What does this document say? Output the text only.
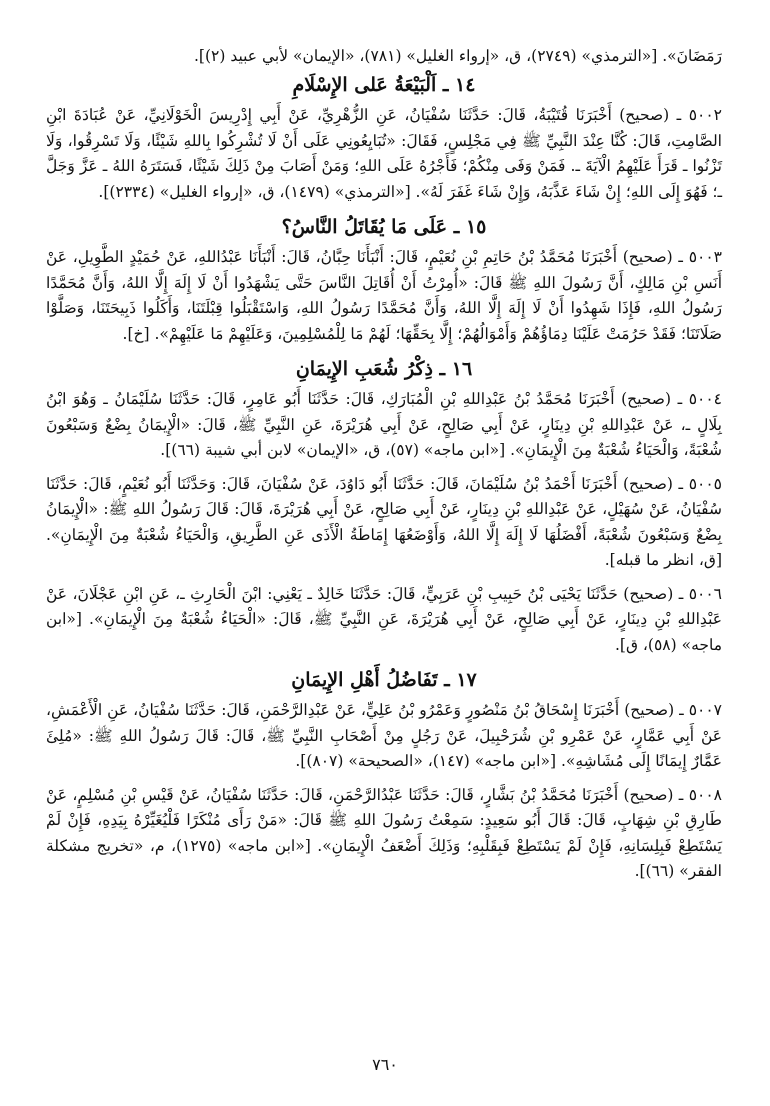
رَمَضَانَ». [«الترمذي» (٢٧٤٩)، ق، «إرواء الغليل» (٧٨١)، «الإيمان» لأبي عبيد (٢)].

١٤ ـ اَلْبَيْعَةُ عَلى الإِسْلَامِ

٥٠٠٢ ـ (صحيح) أَخْبَرَنَا قُتَيْبَةُ، قَالَ: حَدَّثَنَا سُفْيَانُ، عَنِ الزُّهْرِيِّ، عَنْ أَبِي إِدْرِيسَ الْخَوْلَانِيِّ، عَنْ عُبَادَةَ ابْنِ الصَّامِتِ، قَالَ: كُنَّا عِنْدَ النَّبِيِّ ﷺ فِي مَجْلِسٍ، فَقَالَ: «تُبَايِعُونِي عَلَى أَنْ لَا تُشْرِكُوا بِاللهِ شَيْئًا، وَلَا تَسْرِقُوا، وَلَا تَزْنُوا ـ قَرَأَ عَلَيْهِمُ الْآيَةَ ـ. فَمَنْ وَفَى مِنْكُمْ؛ فَأَجْرُهُ عَلَى اللهِ؛ وَمَنْ أَصَابَ مِنْ ذَلِكَ شَيْئًا، فَسَتَرَهُ اللهُ ـ عَزَّ وَجَلَّ ـ؛ فَهُوَ إِلَى اللهِ؛ إِنْ شَاءَ عَذَّبَهُ، وَإِنْ شَاءَ غَفَرَ لَهُ». [«الترمذي» (١٤٧٩)، ق، «إرواء الغليل» (٢٣٣٤)].

١٥ ـ عَلَى مَا يُقَاتَلُ النَّاسُ؟

٥٠٠٣ ـ (صحيح) أَخْبَرَنَا مُحَمَّدُ بْنُ حَاتِمِ بْنِ نُعَيْمٍ، قَالَ: أَنْبَأَنَا حِبَّانُ، قَالَ: أَنْبَأَنَا عَبْدُاللهِ، عَنْ حُمَيْدٍ الطَّوِيلِ، عَنْ أَنَسِ بْنِ مَالِكٍ، أَنَّ رَسُولَ اللهِ ﷺ قَالَ: «أُمِرْتُ أَنْ أُقَاتِلَ النَّاسَ حَتَّى يَشْهَدُوا أَنْ لَا إِلَهَ إِلَّا اللهُ، وَأَنَّ مُحَمَّدًا رَسُولُ اللهِ، فَإِذَا شَهِدُوا أَنْ لَا إِلَهَ إِلَّا اللهُ، وَأَنَّ مُحَمَّدًا رَسُولُ اللهِ، وَاسْتَقْبَلُوا قِبْلَتَنَا، وَأَكَلُوا ذَبِيحَتَنَا، وَصَلَّوْا صَلَاتَنَا؛ فَقَدْ حَرُمَتْ عَلَيْنَا دِمَاؤُهُمْ وَأَمْوَالُهُمْ؛ إِلَّا بِحَقِّهَا؛ لَهُمْ مَا لِلْمُسْلِمِينَ، وَعَلَيْهِمْ مَا عَلَيْهِمْ». [خ].

١٦ ـ ذِكْرُ شُعَبِ الإِيمَانِ

٥٠٠٤ ـ (صحيح) أَخْبَرَنَا مُحَمَّدُ بْنُ عَبْدِاللهِ بْنِ الْمُبَارَكِ، قَالَ: حَدَّثَنَا أَبُو عَامِرٍ، قَالَ: حَدَّثَنَا سُلَيْمَانُ ـ وَهُوَ ابْنُ بِلَالٍ ـ، عَنْ عَبْدِاللهِ بْنِ دِينَارٍ، عَنْ أَبِي صَالِحٍ، عَنْ أَبِي هُرَيْرَةَ، عَنِ النَّبِيِّ ﷺ، قَالَ: «الْإِيمَانُ بِضْعٌ وَسَبْعُونَ شُعْبَةً، وَالْحَيَاءُ شُعْبَةٌ مِنَ الْإِيمَانِ». [«ابن ماجه» (٥٧)، ق، «الإيمان» لابن أبي شيبة (٦٦)].

٥٠٠٥ ـ (صحيح) أَخْبَرَنَا أَحْمَدُ بْنُ سُلَيْمَانَ، قَالَ: حَدَّثَنَا أَبُو دَاوُدَ، عَنْ سُفْيَانَ، قَالَ: وَحَدَّثَنَا أَبُو نُعَيْمٍ، قَالَ: حَدَّثَنَا سُفْيَانُ، عَنْ سُهَيْلٍ، عَنْ عَبْدِاللهِ بْنِ دِينَارٍ، عَنْ أَبِي صَالِحٍ، عَنْ أَبِي هُرَيْرَةَ، قَالَ: قَالَ رَسُولُ اللهِ ﷺ: «الْإِيمَانُ بِضْعٌ وَسَبْعُونَ شُعْبَةً، أَفْضَلُهَا لَا إِلَهَ إِلَّا اللهُ، وَأَوْضَعُهَا إِمَاطَةُ الْأَذَى عَنِ الطَّرِيقِ، وَالْحَيَاءُ شُعْبَةٌ مِنَ الْإِيمَانِ». [ق، انظر ما قبله].

٥٠٠٦ ـ (صحيح) حَدَّثَنَا يَحْيَى بْنُ حَبِيبِ بْنِ عَرَبِيٍّ، قَالَ: حَدَّثَنَا خَالِدٌ ـ يَعْنِي: ابْنَ الْحَارِثِ ـ، عَنِ ابْنِ عَجْلَانَ، عَنْ عَبْدِاللهِ بْنِ دِينَارٍ، عَنْ أَبِي صَالِحٍ، عَنْ أَبِي هُرَيْرَةَ، عَنِ النَّبِيِّ ﷺ، قَالَ: «الْحَيَاءُ شُعْبَةٌ مِنَ الْإِيمَانِ». [«ابن ماجه» (٥٨)، ق].

١٧ ـ تَفَاضُلُ أَهْلِ الإِيمَانِ

٥٠٠٧ ـ (صحيح) أَخْبَرَنَا إِسْحَاقُ بْنُ مَنْصُورٍ وَعَمْرُو بْنُ عَلِيٍّ، عَنْ عَبْدِالرَّحْمَنِ، قَالَ: حَدَّثَنَا سُفْيَانُ، عَنِ الْأَعْمَشِ، عَنْ أَبِي عَمَّارٍ، عَنْ عَمْرِو بْنِ شُرَحْبِيلَ، عَنْ رَجُلٍ مِنْ أَصْحَابِ النَّبِيِّ ﷺ، قَالَ: قَالَ رَسُولُ اللهِ ﷺ: «مُلِئَ عَمَّارٌ إِيمَانًا إِلَى مُشَاشِهِ». [«ابن ماجه» (١٤٧)، «الصحيحة» (٨٠٧)].

٥٠٠٨ ـ (صحيح) أَخْبَرَنَا مُحَمَّدُ بْنُ بَشَّارٍ، قَالَ: حَدَّثَنَا عَبْدُالرَّحْمَنِ، قَالَ: حَدَّثَنَا سُفْيَانُ، عَنْ قَيْسِ بْنِ مُسْلِمٍ، عَنْ طَارِقِ بْنِ شِهَابٍ، قَالَ: قَالَ أَبُو سَعِيدٍ: سَمِعْتُ رَسُولَ اللهِ ﷺ قَالَ: «مَنْ رَأَى مُنْكَرًا فَلْيُغَيِّرْهُ بِيَدِهِ، فَإِنْ لَمْ يَسْتَطِعْ فَبِلِسَانِهِ، فَإِنْ لَمْ يَسْتَطِعْ فَبِقَلْبِهِ؛ وَذَلِكَ أَضْعَفُ الْإِيمَانِ». [«ابن ماجه» (١٢٧٥)، م، «تخريج مشكلة الفقر» (٦٦)].

٧٦٠
